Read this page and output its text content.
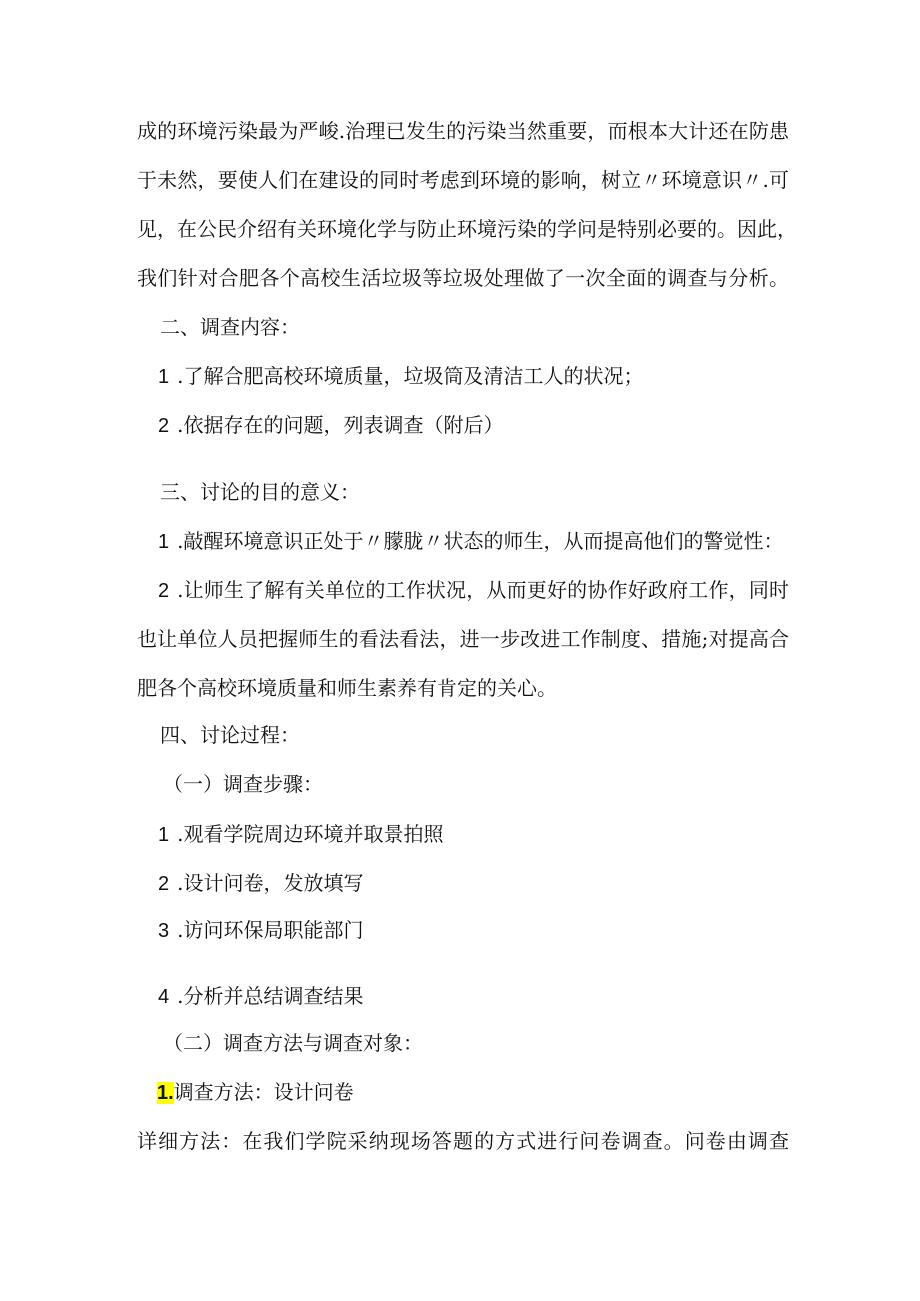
成的环境污染最为严峻.治理已发生的污染当然重要，而根本大计还在防患
于未然，要使人们在建设的同时考虑到环境的影响，树立〃环境意识〃.可
见，在公民介绍有关环境化学与防止环境污染的学问是特别必要的。因此，
我们针对合肥各个高校生活垃圾等垃圾处理做了一次全面的调查与分析。
二、调查内容：
1 .了解合肥高校环境质量，垃圾筒及清洁工人的状况；
2 .依据存在的问题，列表调查（附后）
三、讨论的目的意义：
1 .敲醒环境意识正处于〃朦胧〃状态的师生，从而提高他们的警觉性：
2 .让师生了解有关单位的工作状况，从而更好的协作好政府工作，同时
也让单位人员把握师生的看法看法，进一步改进工作制度、措施;对提高合
肥各个高校环境质量和师生素养有肯定的关心。
四、讨论过程：
（一）调查步骤：
1 .观看学院周边环境并取景拍照
2 .设计问卷，发放填写
3 .访问环保局职能部门
4 .分析并总结调查结果
（二）调查方法与调查对象：
1.调查方法：设计问卷
详细方法：在我们学院采纳现场答题的方式进行问卷调查。问卷由调查
